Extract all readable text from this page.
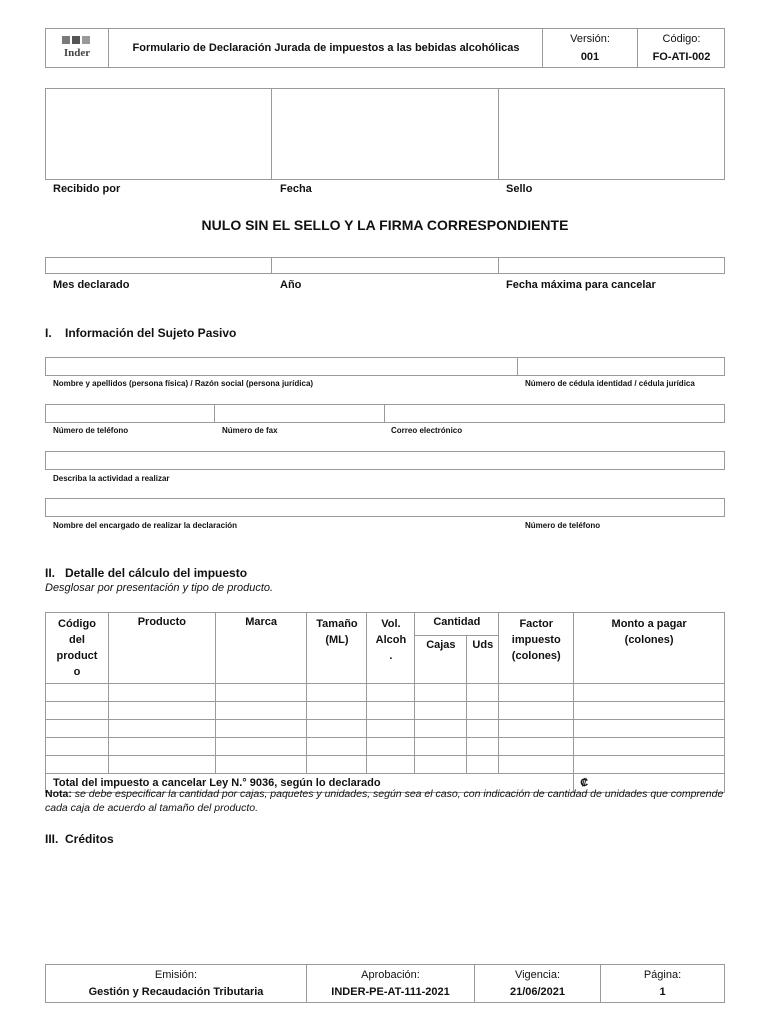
Inder	Formulario de Declaración Jurada de impuestos a las bebidas alcohólicas
Versión:
001
Código:
FO-ATI-002
Recibido por	Fecha	Sello
NULO SIN EL SELLO Y LA FIRMA CORRESPONDIENTE
Mes declarado	Año	Fecha máxima para cancelar
I.    Información del Sujeto Pasivo
Nombre y apellidos (persona física) / Razón social (persona jurídica)	Número de cédula identidad / cédula jurídica
Número de teléfono	Número de fax	Correo electrónico
Describa la actividad a realizar
Nombre del encargado de realizar la declaración	Número de teléfono
II.   Detalle del cálculo del impuesto
Desglosar por presentación y tipo de producto.
Código del product o	Producto	Marca	Tamaño (ML)	Vol. Alcoh .	Cantidad		Factor impuesto (colones)	Monto a pagar (colones)
					Cajas	Uds		

Total del impuesto a cancelar Ley N.° 9036, según lo declarado								₡
Nota: se debe especificar la cantidad por cajas, paquetes y unidades, según sea el caso, con indicación de cantidad de unidades que comprende cada caja de acuerdo al tamaño del producto.
III.  Créditos
Emisión:
Gestión y Recaudación Tributaria
Aprobación:
INDER-PE-AT-111-2021
Vigencia:
21/06/2021
Página:
1
